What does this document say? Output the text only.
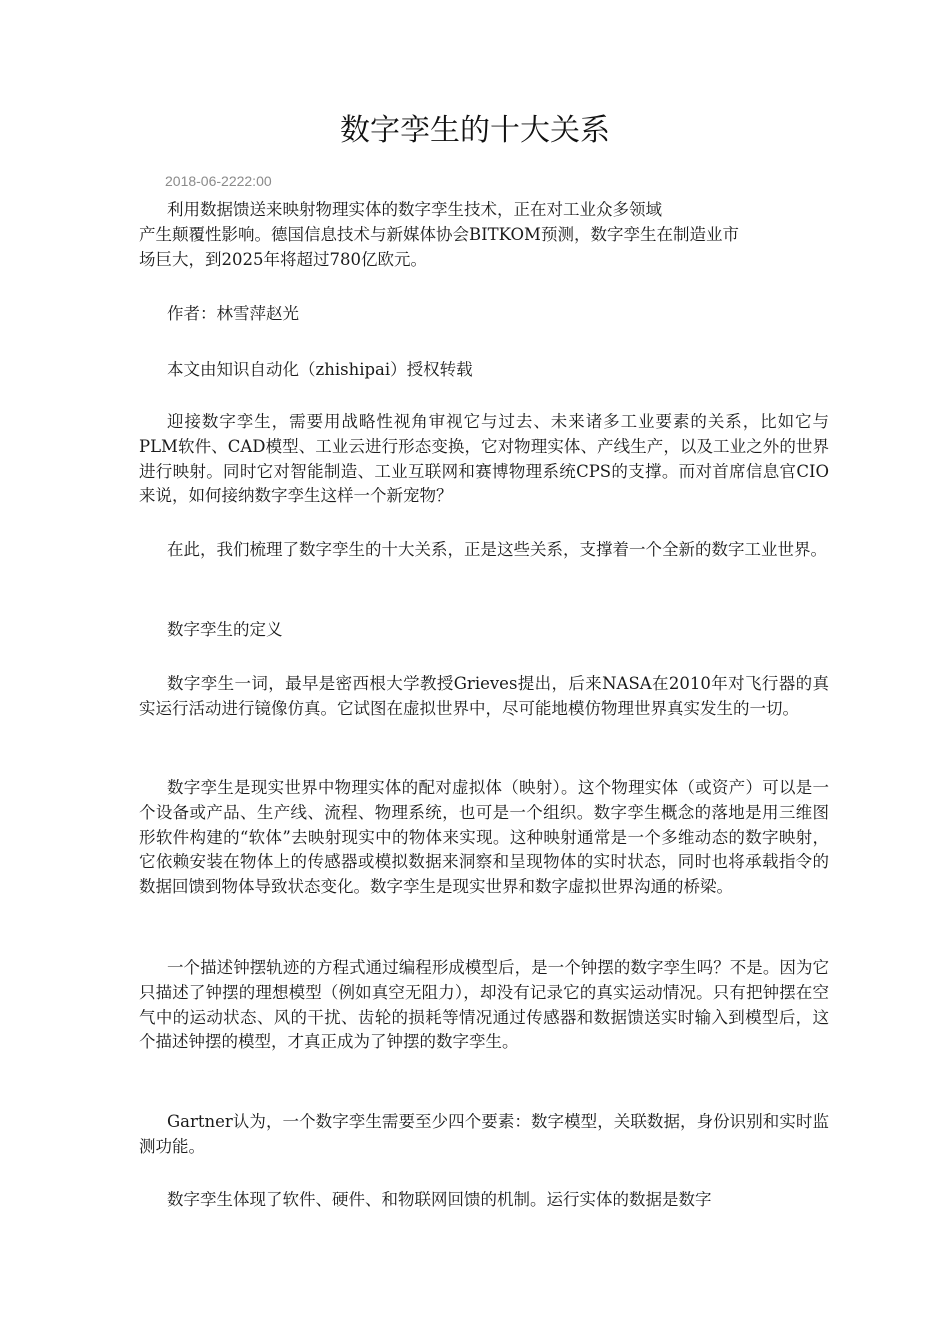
数字孪生的十大关系
2018-06-2222:00
利用数据馈送来映射物理实体的数字孪生技术，正在对工业众多领域
产生颠覆性影响。德国信息技术与新媒体协会BITKOM预测，数字孪生在制造业市
场巨大，到2025年将超过780亿欧元。

作者：林雪萍赵光

本文由知识自动化（zhishipai）授权转载

迎接数字孪生，需要用战略性视角审视它与过去、未来诸多工业要素的关系，比如它与PLM软件、CAD模型、工业云进行形态变换，它对物理实体、产线生产，以及工业之外的世界进行映射。同时它对智能制造、工业互联网和赛博物理系统CPS的支撑。而对首席信息官CIO来说，如何接纳数字孪生这样一个新宠物？

在此，我们梳理了数字孪生的十大关系，正是这些关系，支撑着一个全新的数字工业世界。

数字孪生的定义

数字孪生一词，最早是密西根大学教授Grieves提出，后来NASA在2010年对飞行器的真实运行活动进行镜像仿真。它试图在虚拟世界中，尽可能地模仿物理世界真实发生的一切。

数字孪生是现实世界中物理实体的配对虚拟体（映射）。这个物理实体（或资产）可以是一个设备或产品、生产线、流程、物理系统，也可是一个组织。数字孪生概念的落地是用三维图形软件构建的“软体”去映射现实中的物体来实现。这种映射通常是一个多维动态的数字映射，它依赖安装在物体上的传感器或模拟数据来洞察和呈现物体的实时状态，同时也将承载指令的数据回馈到物体导致状态变化。数字孪生是现实世界和数字虚拟世界沟通的桥梁。

一个描述钟摆轨迹的方程式通过编程形成模型后，是一个钟摆的数字孪生吗？不是。因为它只描述了钟摆的理想模型（例如真空无阻力），却没有记录它的真实运动情况。只有把钟摆在空气中的运动状态、风的干扰、齿轮的损耗等情况通过传感器和数据馈送实时输入到模型后，这个描述钟摆的模型，才真正成为了钟摆的数字孪生。

Gartner认为，一个数字孪生需要至少四个要素：数字模型，关联数据，身份识别和实时监测功能。

数字孪生体现了软件、硬件、和物联网回馈的机制。运行实体的数据是数字
